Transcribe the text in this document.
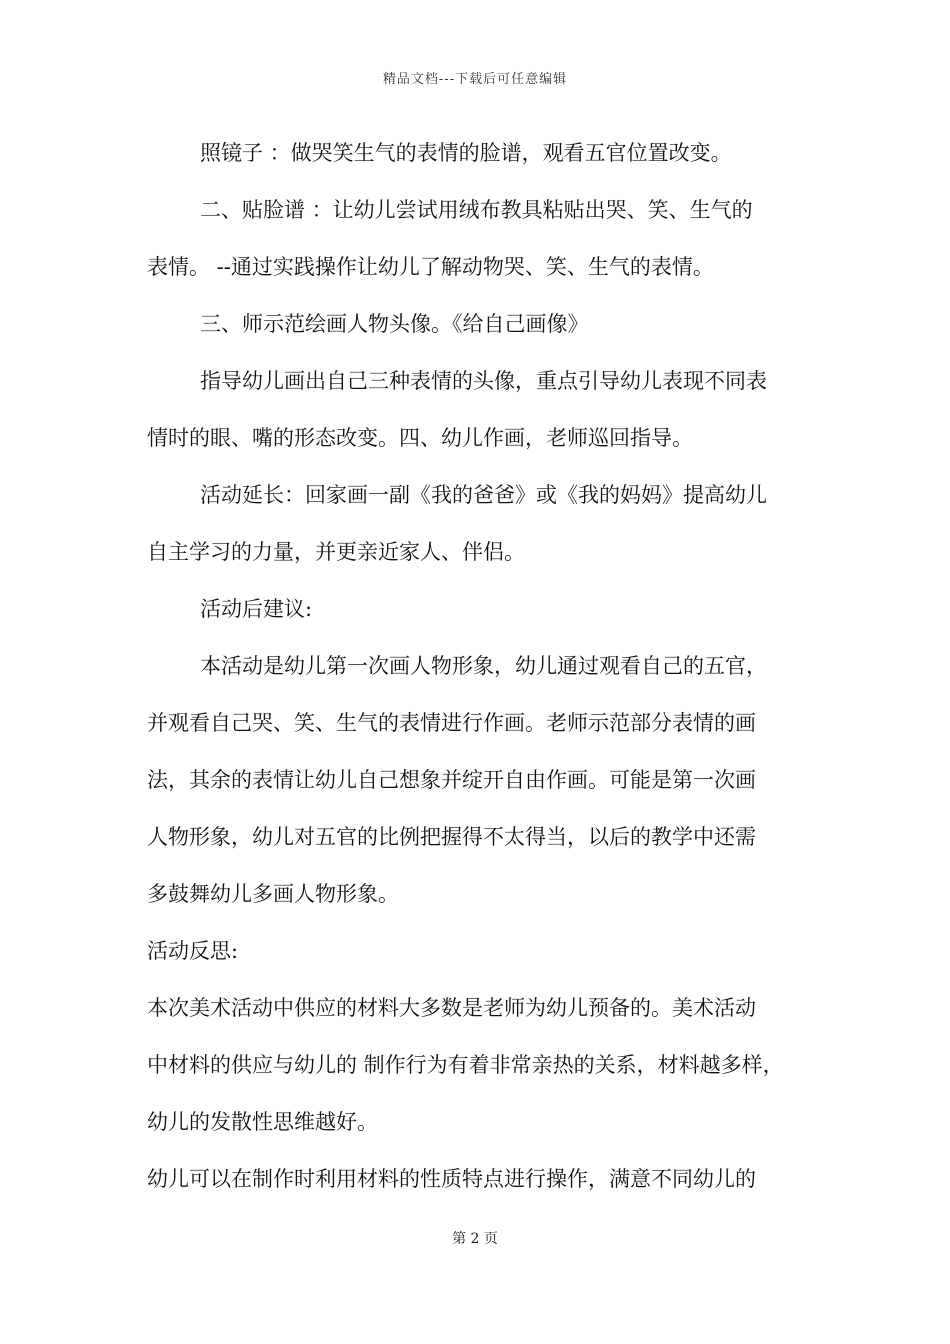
精品文档---下载后可任意编辑
照镜子 ：做哭笑生气的表情的脸谱，观看五官位置改变。
二、贴脸谱 ：让幼儿尝试用绒布教具粘贴出哭、笑、生气的
表情。 --通过实践操作让幼儿了解动物哭、笑、生气的表情。
三、师示范绘画人物头像。《给自己画像》
指导幼儿画出自己三种表情的头像，重点引导幼儿表现不同表
情时的眼、嘴的形态改变。四、幼儿作画，老师巡回指导。
活动延长：回家画一副《我的爸爸》或《我的妈妈》提高幼儿
自主学习的力量，并更亲近家人、伴侣。
活动后建议:
本活动是幼儿第一次画人物形象，幼儿通过观看自己的五官，
并观看自己哭、笑、生气的表情进行作画。老师示范部分表情的画
法，其余的表情让幼儿自己想象并绽开自由作画。可能是第一次画
人物形象，幼儿对五官的比例把握得不太得当，以后的教学中还需
多鼓舞幼儿多画人物形象。
活动反思:
本次美术活动中供应的材料大多数是老师为幼儿预备的。美术活动
中材料的供应与幼儿的 制作行为有着非常亲热的关系，材料越多样，
幼儿的发散性思维越好。
幼儿可以在制作时利用材料的性质特点进行操作，满意不同幼儿的
第 2 页
